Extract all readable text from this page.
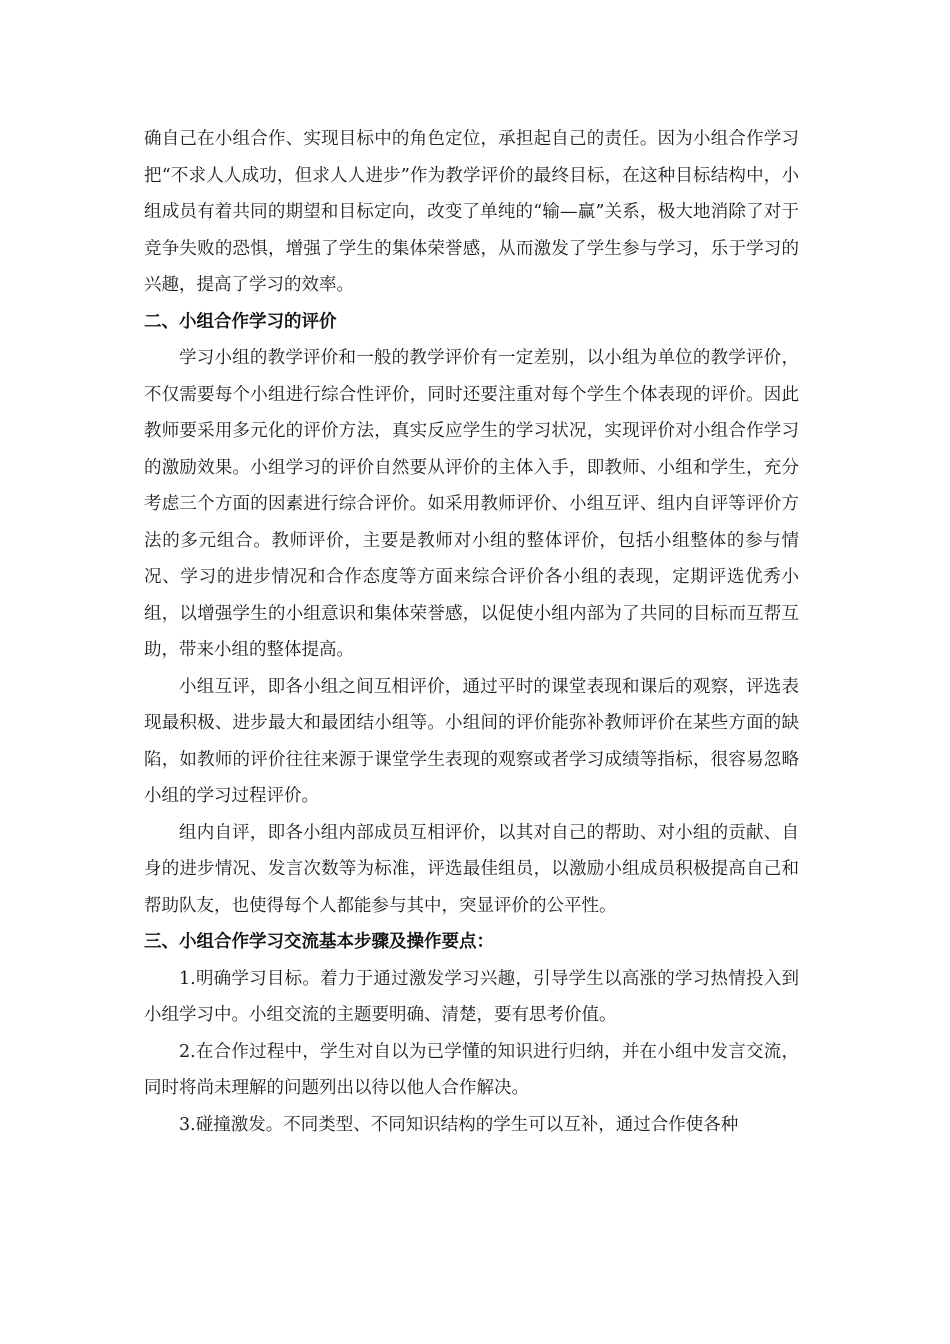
确自己在小组合作、实现目标中的角色定位，承担起自己的责任。因为小组合作学习把“不求人人成功，但求人人进步”作为教学评价的最终目标，在这种目标结构中，小组成员有着共同的期望和目标定向，改变了单纯的“输—赢”关系，极大地消除了对于竞争失败的恐惧，增强了学生的集体荣誉感，从而激发了学生参与学习，乐于学习的兴趣，提高了学习的效率。

二、小组合作学习的评价

学习小组的教学评价和一般的教学评价有一定差别，以小组为单位的教学评价，不仅需要每个小组进行综合性评价，同时还要注重对每个学生个体表现的评价。因此教师要采用多元化的评价方法，真实反应学生的学习状况，实现评价对小组合作学习的激励效果。小组学习的评价自然要从评价的主体入手，即教师、小组和学生，充分考虑三个方面的因素进行综合评价。如采用教师评价、小组互评、组内自评等评价方法的多元组合。教师评价，主要是教师对小组的整体评价，包括小组整体的参与情况、学习的进步情况和合作态度等方面来综合评价各小组的表现，定期评选优秀小组，以增强学生的小组意识和集体荣誉感，以促使小组内部为了共同的目标而互帮互助，带来小组的整体提高。

小组互评，即各小组之间互相评价，通过平时的课堂表现和课后的观察，评选表现最积极、进步最大和最团结小组等。小组间的评价能弥补教师评价在某些方面的缺陷，如教师的评价往往来源于课堂学生表现的观察或者学习成绩等指标，很容易忽略小组的学习过程评价。

组内自评，即各小组内部成员互相评价，以其对自己的帮助、对小组的贡献、自身的进步情况、发言次数等为标准，评选最佳组员，以激励小组成员积极提高自己和帮助队友，也使得每个人都能参与其中，突显评价的公平性。

三、小组合作学习交流基本步骤及操作要点：

1.明确学习目标。着力于通过激发学习兴趣，引导学生以高涨的学习热情投入到小组学习中。小组交流的主题要明确、清楚，要有思考价值。

2.在合作过程中，学生对自以为已学懂的知识进行归纳，并在小组中发言交流，同时将尚未理解的问题列出以待以他人合作解决。

3.碰撞激发。不同类型、不同知识结构的学生可以互补，通过合作使各种
